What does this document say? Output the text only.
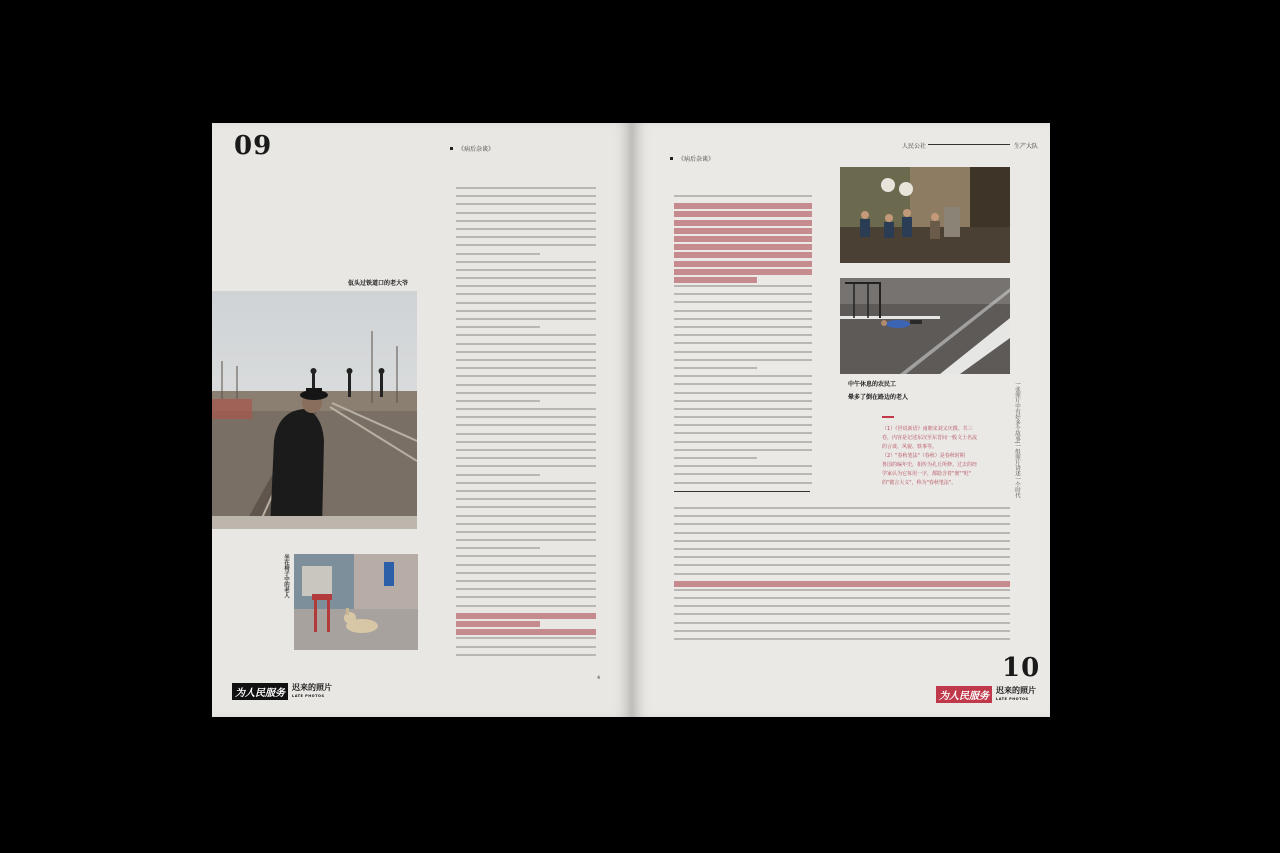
09	《病后杂谈》
佤头过铁道口的老大爷
坐在椅子中的老人
4
为人民服务
迟来的照片
LATE PHOTOS
人民公社	生产大队
《病后杂谈》
中午休息的农民工
晕多了倒在路边的老人	一张照片中有好多个故事|一组照片讲述一个时代
（1）《世说新语》南朝宋刘义庆撰。共三
卷，内容是记述东汉至东晋间一般文士名流
的言谈、风貌、轶事等。
（2）"春秋笔法"（春秋）是春秋时期
鲁国的编年史，相传为孔丘所修。过去的经
学家认为它每用一字，都隐含着"褒""贬"
的"微言大义"，称为"春秋笔法"。
10
为人民服务
迟来的照片
LATE PHOTOS
